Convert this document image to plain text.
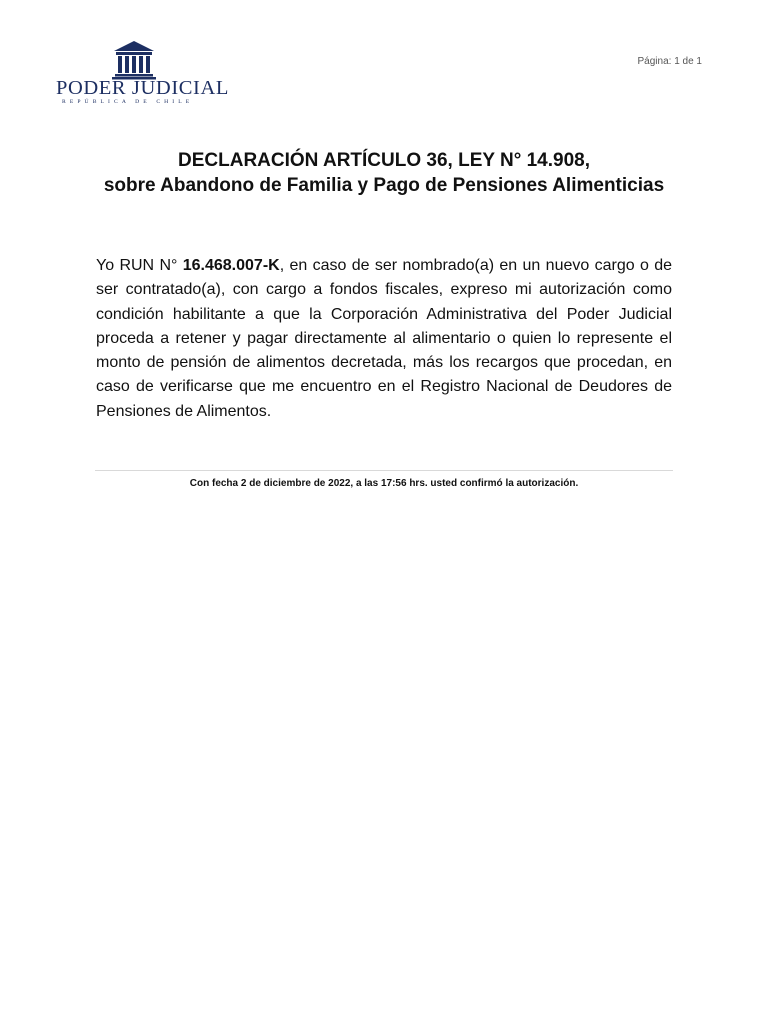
PODER JUDICIAL
REPÚBLICA DE CHILE
Página: 1 de 1
DECLARACIÓN ARTÍCULO 36, LEY N° 14.908,
sobre Abandono de Familia y Pago de Pensiones Alimenticias

Yo RUN N° 16.468.007-K, en caso de ser nombrado(a) en un nuevo cargo o de ser contratado(a), con cargo a fondos fiscales, expreso mi autorización como condición habilitante a que la Corporación Administrativa del Poder Judicial proceda a retener y pagar directamente al alimentario o quien lo represente el monto de pensión de alimentos decretada, más los recargos que procedan, en caso de verificarse que me encuentro en el Registro Nacional de Deudores de Pensiones de Alimentos.

Con fecha 2 de diciembre de 2022, a las 17:56 hrs. usted confirmó la autorización.
